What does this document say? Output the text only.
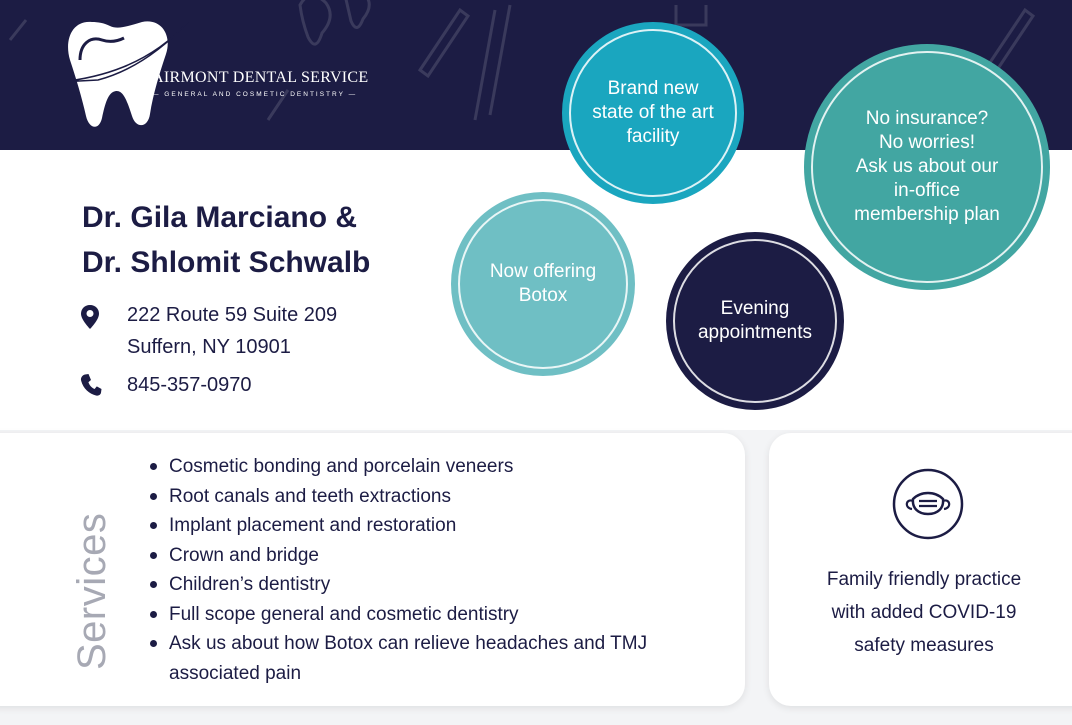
AIRMONT DENTAL SERVICE
— GENERAL AND COSMETIC DENTISTRY —
Dr. Gila Marciano &
Dr. Shlomit Schwalb
222 Route 59 Suite 209
Suffern, NY 10901
845-357-0970
Brand new
state of the art
facility
No insurance?
No worries!
Ask us about our
in-office
membership plan
Now offering
Botox
Evening
appointments
Services
Cosmetic bonding and porcelain veneers
Root canals and teeth extractions
Implant placement and restoration
Crown and bridge
Children’s dentistry
Full scope general and cosmetic dentistry
Ask us about how Botox can relieve headaches and TMJ associated pain
Family friendly practice
with added COVID-19
safety measures
